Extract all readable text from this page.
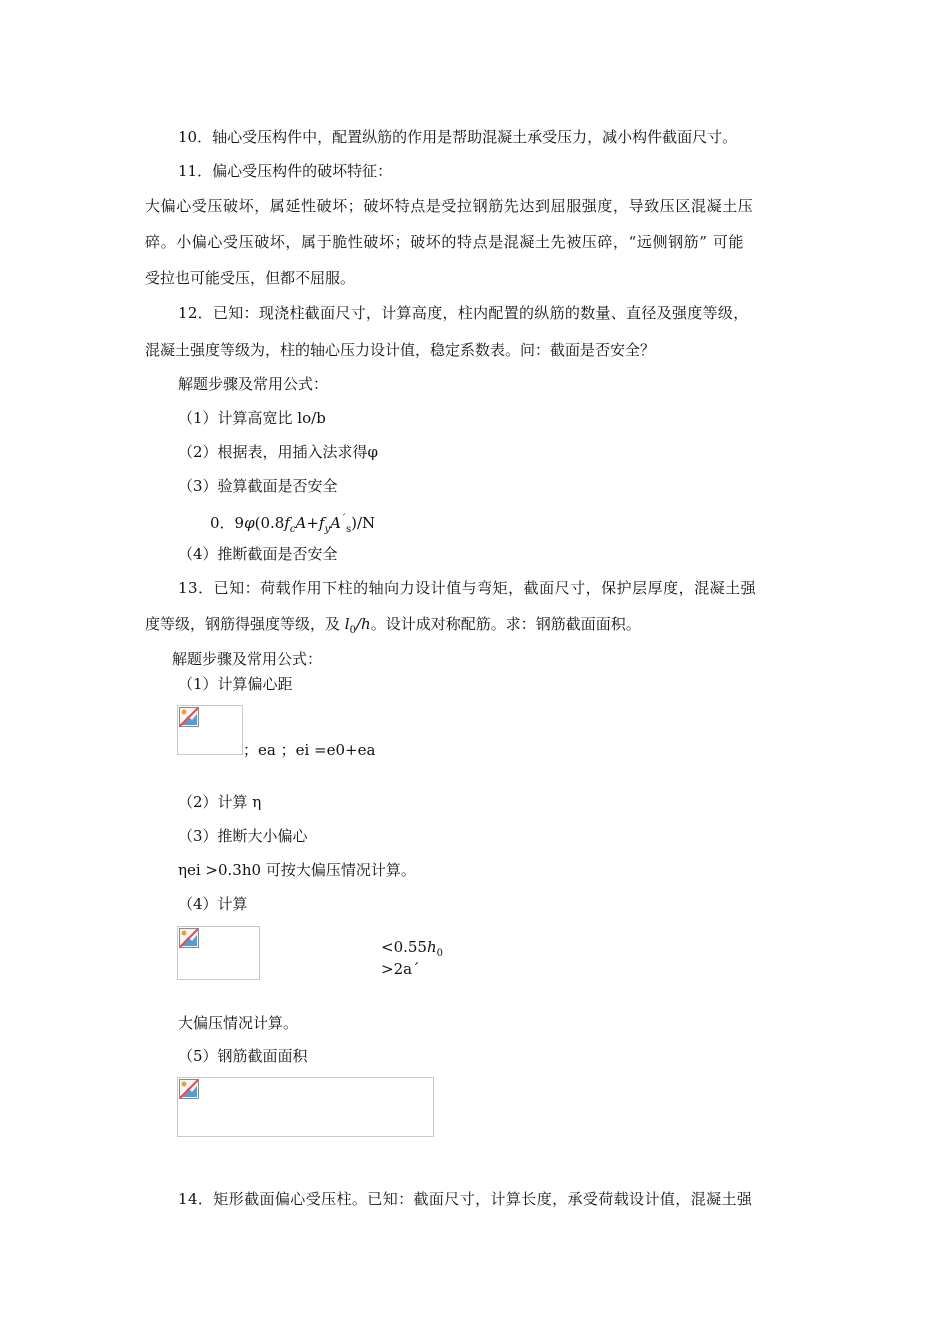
10．轴心受压构件中，配置纵筋的作用是帮助混凝土承受压力，减小构件截面尺寸。
11．偏心受压构件的破坏特征：
大偏心受压破坏，属延性破坏；破坏特点是受拉钢筋先达到屈服强度，导致压区混凝土压
碎。小偏心受压破坏，属于脆性破坏；破坏的特点是混凝土先被压碎，“远侧钢筋” 可能
受拉也可能受压，但都不屈服。
12．已知：现浇柱截面尺寸，计算高度，柱内配置的纵筋的数量、直径及强度等级，
混凝土强度等级为，柱的轴心压力设计值，稳定系数表。问：截面是否安全？
解题步骤及常用公式：
（1）计算高宽比 lo/b
（2）根据表，用插入法求得φ
（3）验算截面是否安全
0．$9\varphi(0.8f_cA+f_yA^´_s)/N$
（4）推断截面是否安全
13．已知：荷载作用下柱的轴向力设计值与弯矩，截面尺寸，保护层厚度，混凝土强
度等级，钢筋得强度等级，及 $l_0/h$。设计成对称配筋。求：钢筋截面面积。
解题步骤及常用公式：
（1）计算偏心距
；ea ；ei =e0+ea
（2）计算 η
（3）推断大小偏心
ηei >0.3h0 可按大偏压情况计算。
（4）计算
$<0.55h_0$
>2a´
大偏压情况计算。
（5）钢筋截面面积
14．矩形截面偏心受压柱。已知：截面尺寸，计算长度，承受荷载设计值，混凝土强
